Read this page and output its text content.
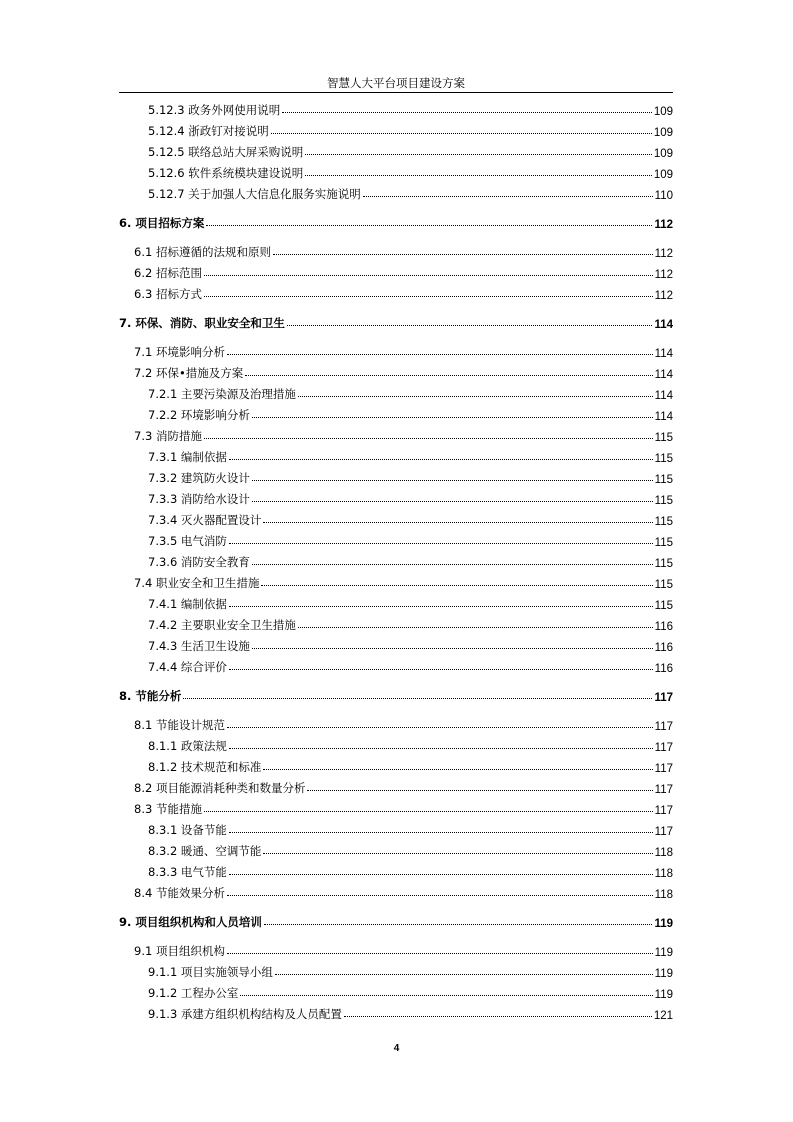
智慧人大平台项目建设方案
5.12.3 政务外网使用说明	109
5.12.4 浙政钉对接说明	109
5.12.5 联络总站大屏采购说明	109
5.12.6 软件系统模块建设说明	109
5.12.7 关于加强人大信息化服务实施说明	110
6. 项目招标方案	112
6.1 招标遵循的法规和原则	112
6.2 招标范围	112
6.3 招标方式	112
7. 环保、消防、职业安全和卫生	114
7.1 环境影响分析	114
7.2 环保•措施及方案	114
7.2.1 主要污染源及治理措施	114
7.2.2 环境影响分析	114
7.3 消防措施	115
7.3.1 编制依据	115
7.3.2 建筑防火设计	115
7.3.3 消防给水设计	115
7.3.4 灭火器配置设计	115
7.3.5 电气消防	115
7.3.6 消防安全教育	115
7.4 职业安全和卫生措施	115
7.4.1 编制依据	115
7.4.2 主要职业安全卫生措施	116
7.4.3 生活卫生设施	116
7.4.4 综合评价	116
8. 节能分析	117
8.1 节能设计规范	117
8.1.1 政策法规	117
8.1.2 技术规范和标准	117
8.2 项目能源消耗种类和数量分析	117
8.3 节能措施	117
8.3.1 设备节能	117
8.3.2 暖通、空调节能	118
8.3.3 电气节能	118
8.4 节能效果分析	118
9. 项目组织机构和人员培训	119
9.1 项目组织机构	119
9.1.1 项目实施领导小组	119
9.1.2 工程办公室	119
9.1.3 承建方组织机构结构及人员配置	121
4
